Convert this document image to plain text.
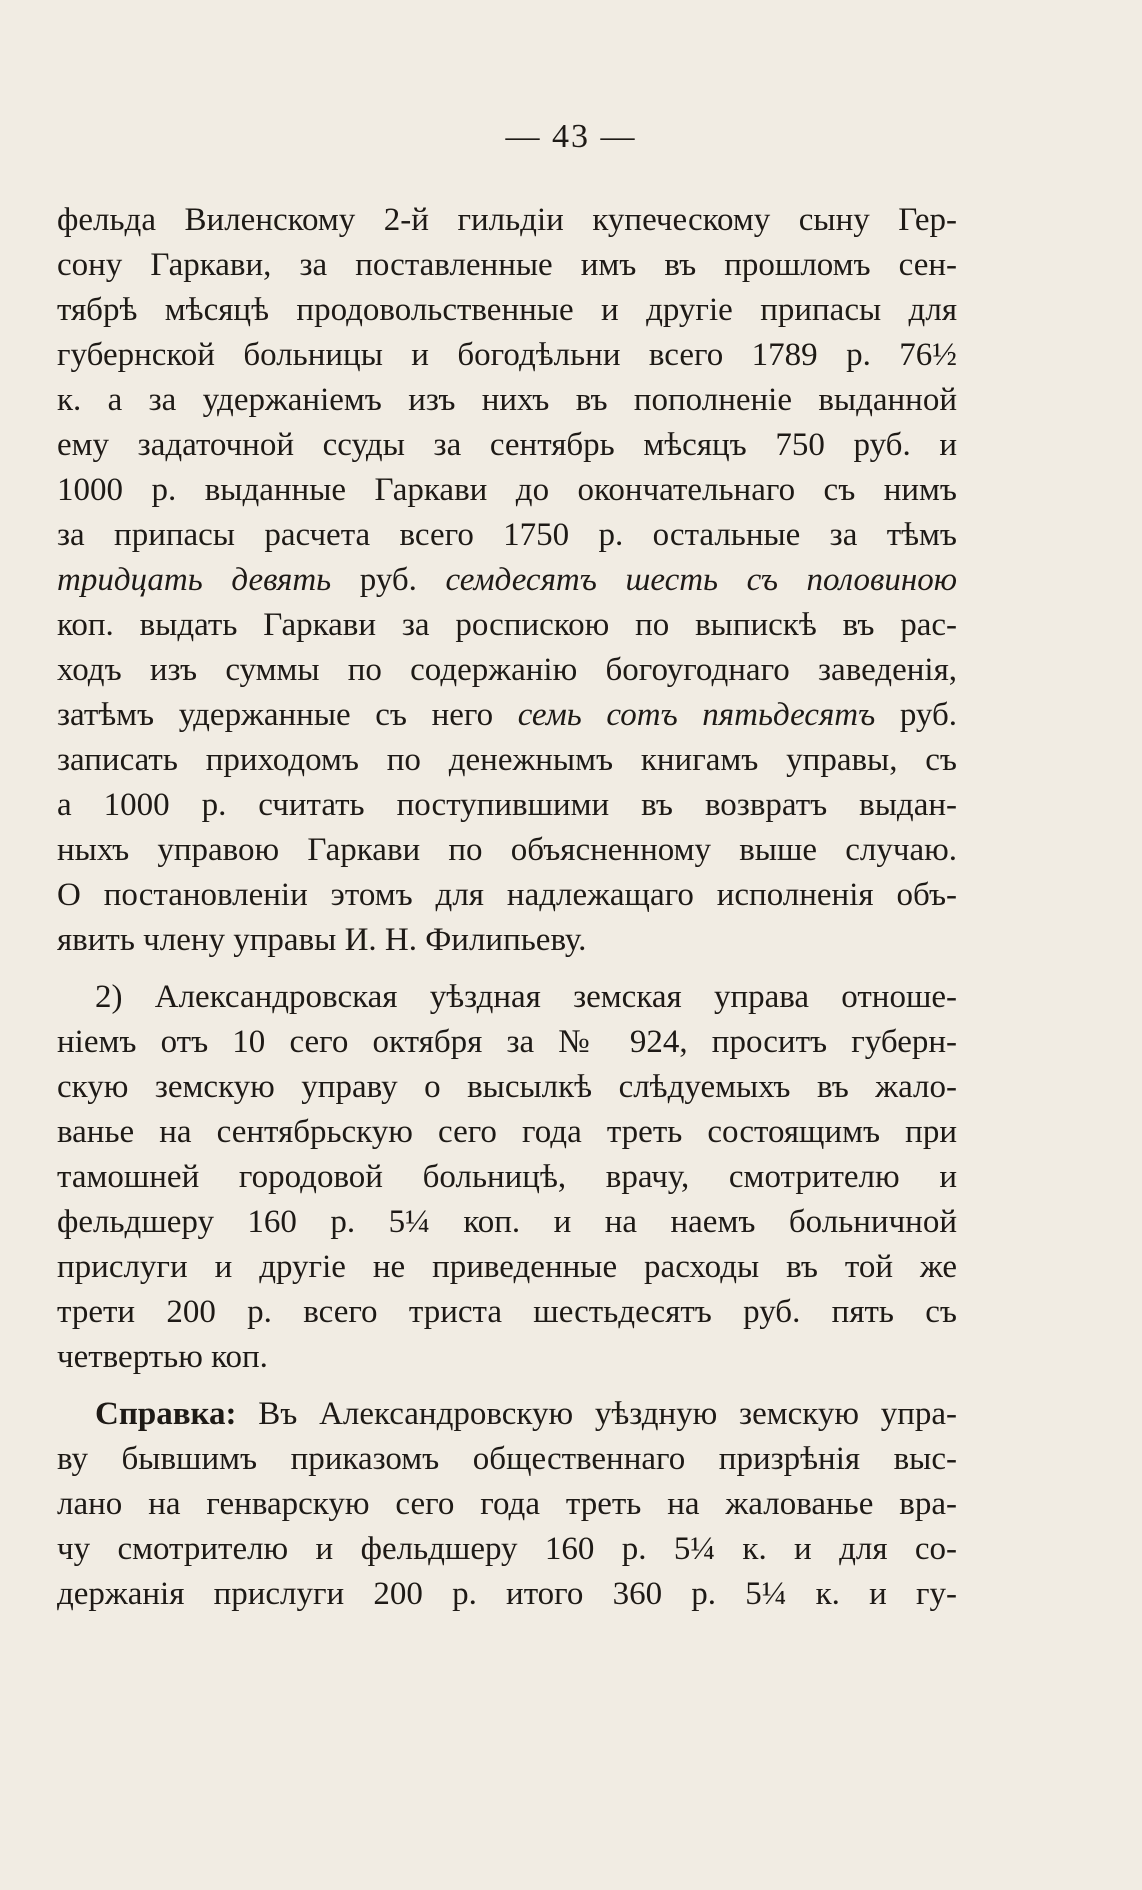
— 43 —
фельда Виленскому 2-й гильдіи купеческому сыну Гер-
сону Гаркави, за поставленные имъ въ прошломъ сен-
тябрѣ мѣсяцѣ продовольственные и другіе припасы для
губернской больницы и богодѣльни всего 1789 р. 76½
к. а за удержаніемъ изъ нихъ въ пополненіе выданной
ему задаточной ссуды за сентябрь мѣсяцъ 750 руб. и
1000 р. выданные Гаркави до окончательнаго съ нимъ
за припасы расчета всего 1750 р. остальные за тѣмъ
тридцать девять руб. семдесятъ шесть съ половиною
коп. выдать Гаркави за роспискою по выпискѣ въ рас-
ходъ изъ суммы по содержанію богоугоднаго заведенія,
затѣмъ удержанные съ него семь сотъ пятьдесятъ руб.
записать приходомъ по денежнымъ книгамъ управы, съ
а 1000 р. считать поступившими въ возвратъ выдан-
ныхъ управою Гаркави по объясненному выше случаю.
О постановленіи этомъ для надлежащаго исполненія объ-
явить члену управы И. Н. Филипьеву.
2) Александровская уѣздная земская управа отноше-
ніемъ отъ 10 сего октября за № 924, проситъ губерн-
скую земскую управу о высылкѣ слѣдуемыхъ въ жало-
ванье на сентябрьскую сего года треть состоящимъ при
тамошней городовой больницѣ, врачу, смотрителю и
фельдшеру 160 р. 5¼ коп. и на наемъ больничной
прислуги и другіе не приведенные расходы въ той же
трети 200 р. всего триста шестьдесятъ руб. пять съ
четвертью коп.
Справка: Въ Александровскую уѣздную земскую упра-
ву бывшимъ приказомъ общественнаго призрѣнія выс-
лано на генварскую сего года треть на жалованье вра-
чу смотрителю и фельдшеру 160 р. 5¼ к. и для со-
держанія прислуги 200 р. итого 360 р. 5¼ к. и гу-
